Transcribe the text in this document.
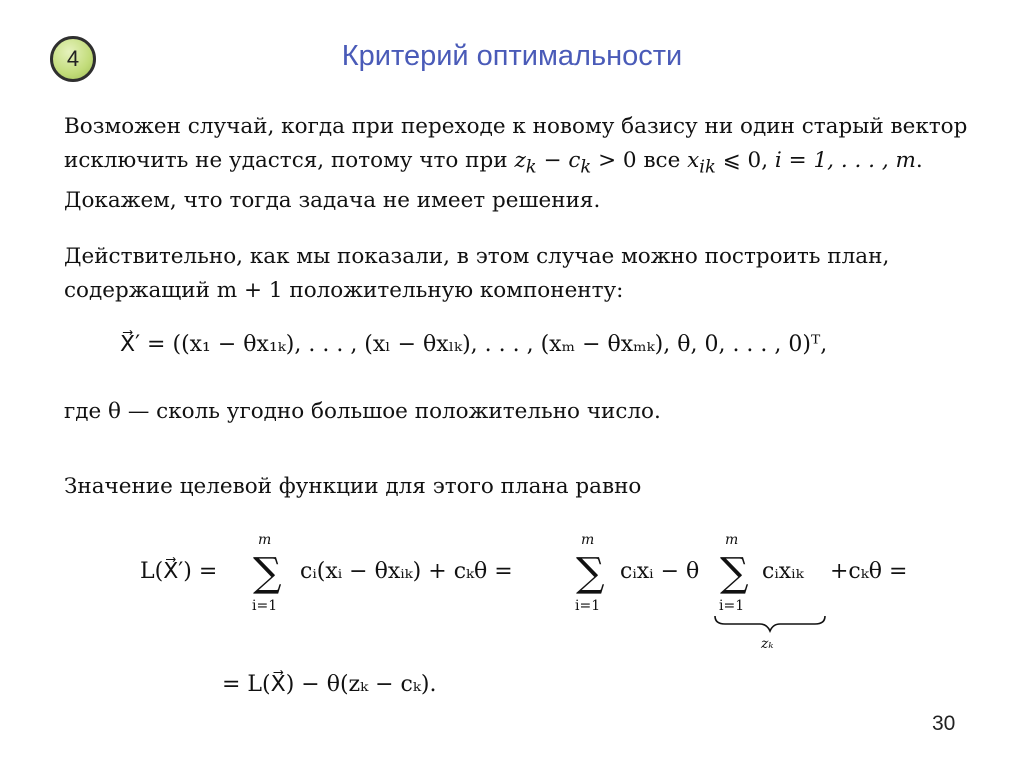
4	Критерий оптимальности
Возможен случай, когда при переходе к новому базису ни один старый вектор исключить не удастся, потому что при $z_k - c_k > 0$ все $x_{ik}$ ⩽ 0, i = 1, . . . , m. Докажем, что тогда задача не имеет решения.
Действительно, как мы показали, в этом случае можно построить план, содержащий m + 1 положительную компоненту:
X⃗′ = ((x₁ − θx₁ₖ), . . . , (xₗ − θxₗₖ), . . . , (xₘ − θxₘₖ), θ, 0, . . . , 0)ᵀ,
где θ — сколь угодно большое положительно число.
Значение целевой функции для этого плана равно
L(X⃗′) =
m
∑
i=1
cᵢ(xᵢ − θxᵢₖ) + cₖθ =
m
∑
i=1
cᵢxᵢ − θ
m
∑
i=1
cᵢxᵢₖ +cₖθ =
zₖ
= L(X⃗) − θ(zₖ − cₖ).
30
